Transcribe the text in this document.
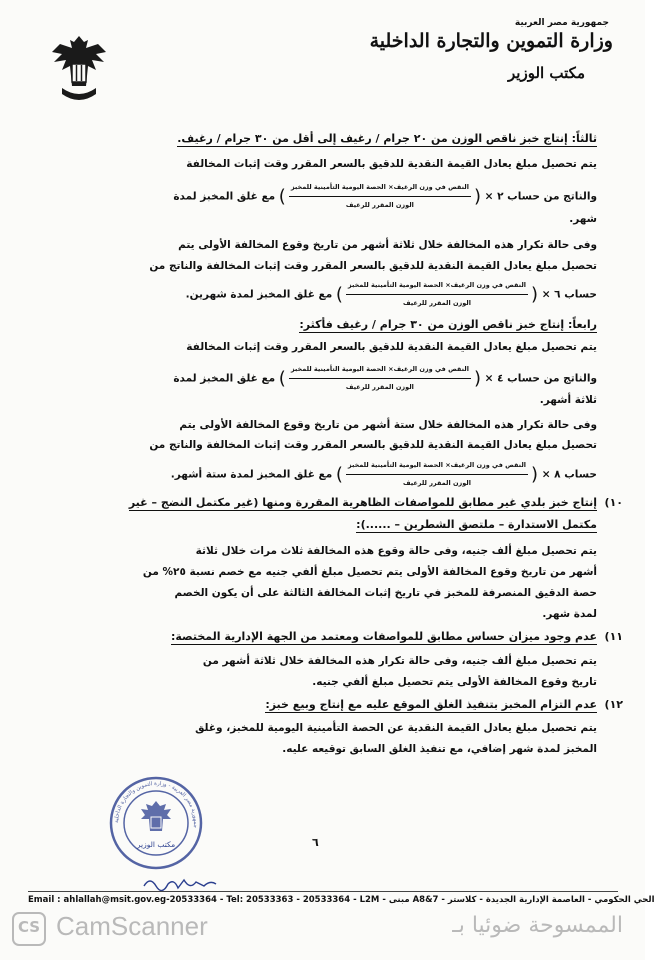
جمهورية مصر العربية
وزارة التموين والتجارة الداخلية
مكتب الوزير
ثالثاً: إنتاج خبز ناقص الوزن من ٢٠ جرام / رغيف إلى أقل من ٣٠ جرام / رغيف.
يتم تحصيل مبلغ يعادل القيمة النقدية للدقيق بالسعر المقرر وقت إثبات المخالفة
والناتج من حساب ٢ × (
$\frac{\text{النقص في وزن الرغيف× الحصة اليومية التأمينية للمخبز}}{\text{الوزن المقرر للرغيف}}$
) مع غلق المخبز لمدة
شهر.
وفى حالة تكرار هذه المخالفة خلال ثلاثة أشهر من تاريخ وقوع المخالفة الأولى يتم
تحصيل مبلغ يعادل القيمة النقدية للدقيق بالسعر المقرر وقت إثبات المخالفة والناتج من
حساب ٦ × (
$\frac{\text{النقص في وزن الرغيف× الحصة اليومية التأمينية للمخبز}}{\text{الوزن المقرر للرغيف}}$
) مع غلق المخبز لمدة شهرين.
رابعاً: إنتاج خبز ناقص الوزن من ٣٠ جرام / رغيف فأكثر:
يتم تحصيل مبلغ يعادل القيمة النقدية للدقيق بالسعر المقرر وقت إثبات المخالفة
والناتج من حساب ٤ × (
$\frac{\text{النقص في وزن الرغيف× الحصة اليومية التأمينية للمخبز}}{\text{الوزن المقرر للرغيف}}$
) مع غلق المخبز لمدة
ثلاثة أشهر.
وفى حالة تكرار هذه المخالفة خلال ستة أشهر من تاريخ وقوع المخالفة الأولى يتم
تحصيل مبلغ يعادل القيمة النقدية للدقيق بالسعر المقرر وقت إثبات المخالفة والناتج من
حساب ٨ × (
$\frac{\text{النقص في وزن الرغيف× الحصة اليومية التأمينية للمخبز}}{\text{الوزن المقرر للرغيف}}$
) مع غلق المخبز لمدة ستة أشهر.
١٠)
إنتاج خبز بلدي غير مطابق للمواصفات الظاهرية المقررة ومنها (غير مكتمل النضج – غير
مكتمل الاستدارة – ملتصق الشطرين – ......):
يتم تحصيل مبلغ ألف جنيه، وفى حالة وقوع هذه المخالفة ثلاث مرات خلال ثلاثة
أشهر من تاريخ وقوع المخالفة الأولى يتم تحصيل مبلغ ألفي جنيه مع خصم نسبة ٢٥% من
حصة الدقيق المنصرفة للمخبز في تاريخ إثبات المخالفة الثالثة على أن يكون الخصم
لمدة شهر.
١١)
عدم وجود ميزان حساس مطابق للمواصفات ومعتمد من الجهة الإدارية المختصة:
يتم تحصيل مبلغ ألف جنيه، وفى حالة تكرار هذه المخالفة خلال ثلاثة أشهر من
تاريخ وقوع المخالفة الأولى يتم تحصيل مبلغ ألفي جنيه.
١٢)
عدم التزام المخبز بتنفيذ الغلق الموقع عليه مع إنتاج وبيع خبز:
يتم تحصيل مبلغ يعادل القيمة النقدية عن الحصة التأمينية اليومية للمخبز، وغلق
المخبز لمدة شهر إضافي، مع تنفيذ الغلق السابق توقيعه عليه.
مكتب الوزير
جمهورية مصر العربية - وزارة التموين والتجارة الداخلية
٦
Email : ahlallah@msit.gov.eg-20533364 - Tel: 20533363 - 20533364 - L2M - مبنى A8&7 - الحي الحكومي - العاصمة الإدارية الجديدة - كلاستر
CS CamScanner	الممسوحة ضوئيا بـ
